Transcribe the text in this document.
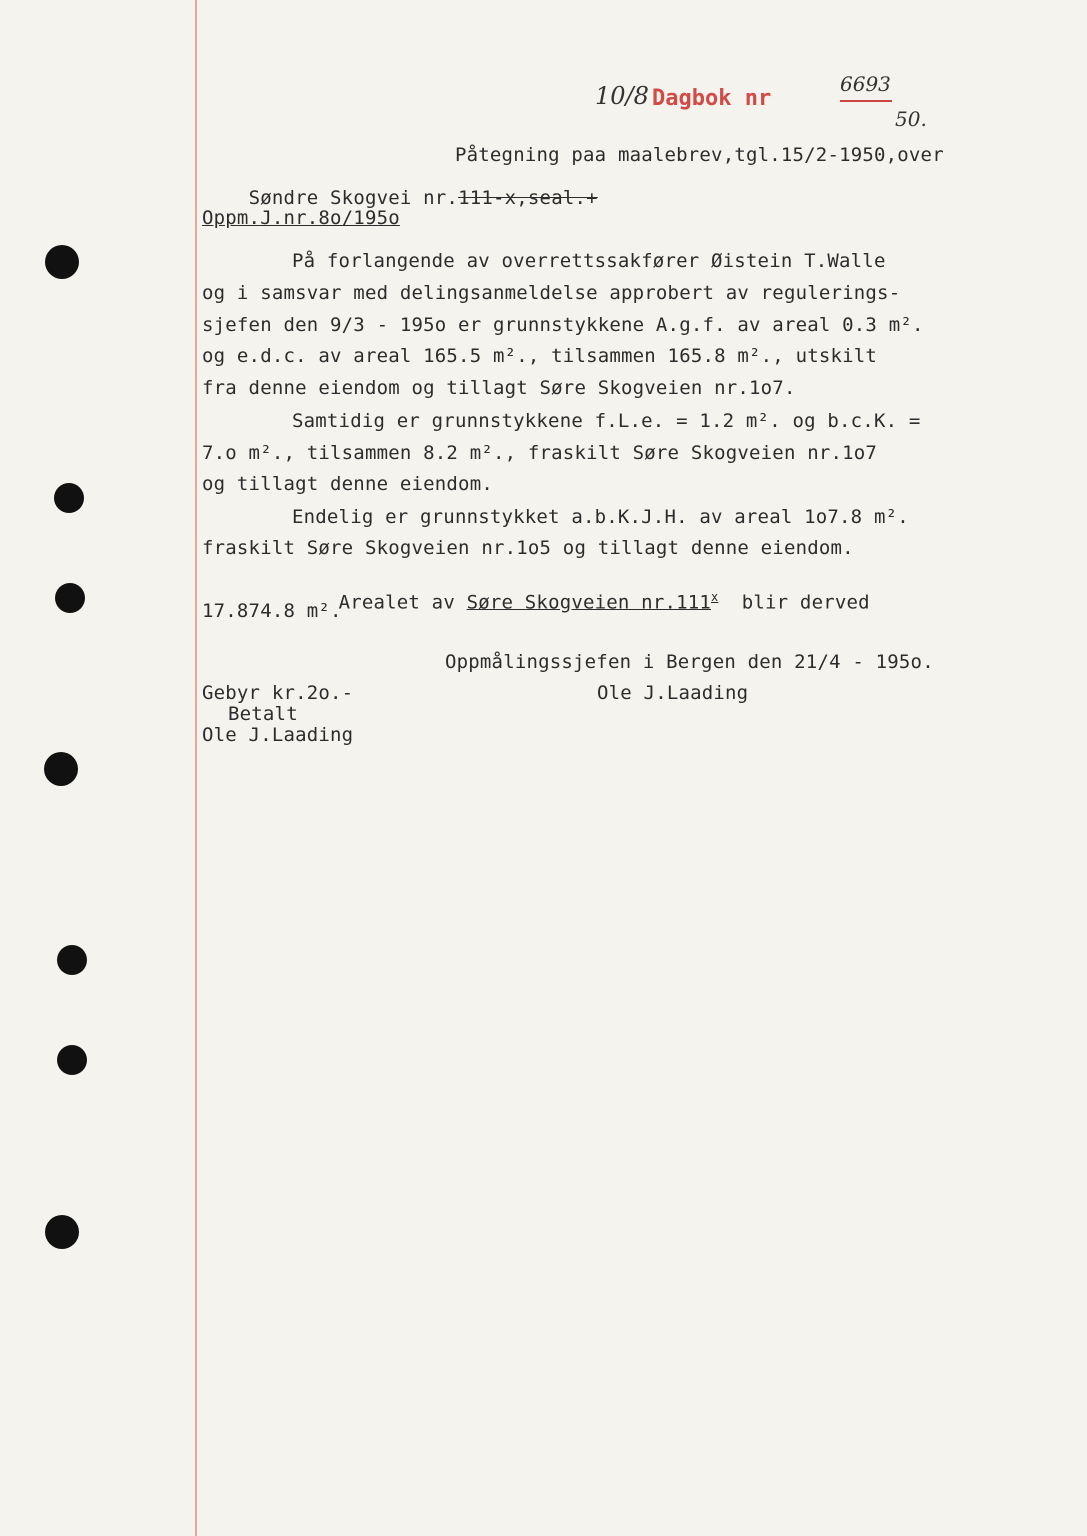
10/8 Dagbok nr
6693
50.
Påtegning paa maalebrev,tgl.15/2-1950,over

Søndre Skogvei nr.111-x,seal.+

Oppm.J.nr.8o/195o
På forlangende av overrettssakfører Øistein T.Walle
og i samsvar med delingsanmeldelse approbert av regulerings-
sjefen den 9/3 - 195o er grunnstykkene A.g.f. av areal 0.3 m².
og e.d.c. av areal 165.5 m²., tilsammen 165.8 m²., utskilt
fra denne eiendom og tillagt Søre Skogveien nr.1o7.
Samtidig er grunnstykkene f.L.e. = 1.2 m². og b.c.K. =
7.o m²., tilsammen 8.2 m²., fraskilt Søre Skogveien nr.1o7
og tillagt denne eiendom.
Endelig er grunnstykket a.b.K.J.H. av areal 1o7.8 m².
fraskilt Søre Skogveien nr.1o5 og tillagt denne eiendom.

Arealet av Søre Skogveien nr.111$^x$  blir derved

17.874.8 m².
Oppmålingssjefen i Bergen den 21/4 - 195o.
Ole J.Laading
Gebyr kr.2o.-
Betalt
Ole J.Laading
